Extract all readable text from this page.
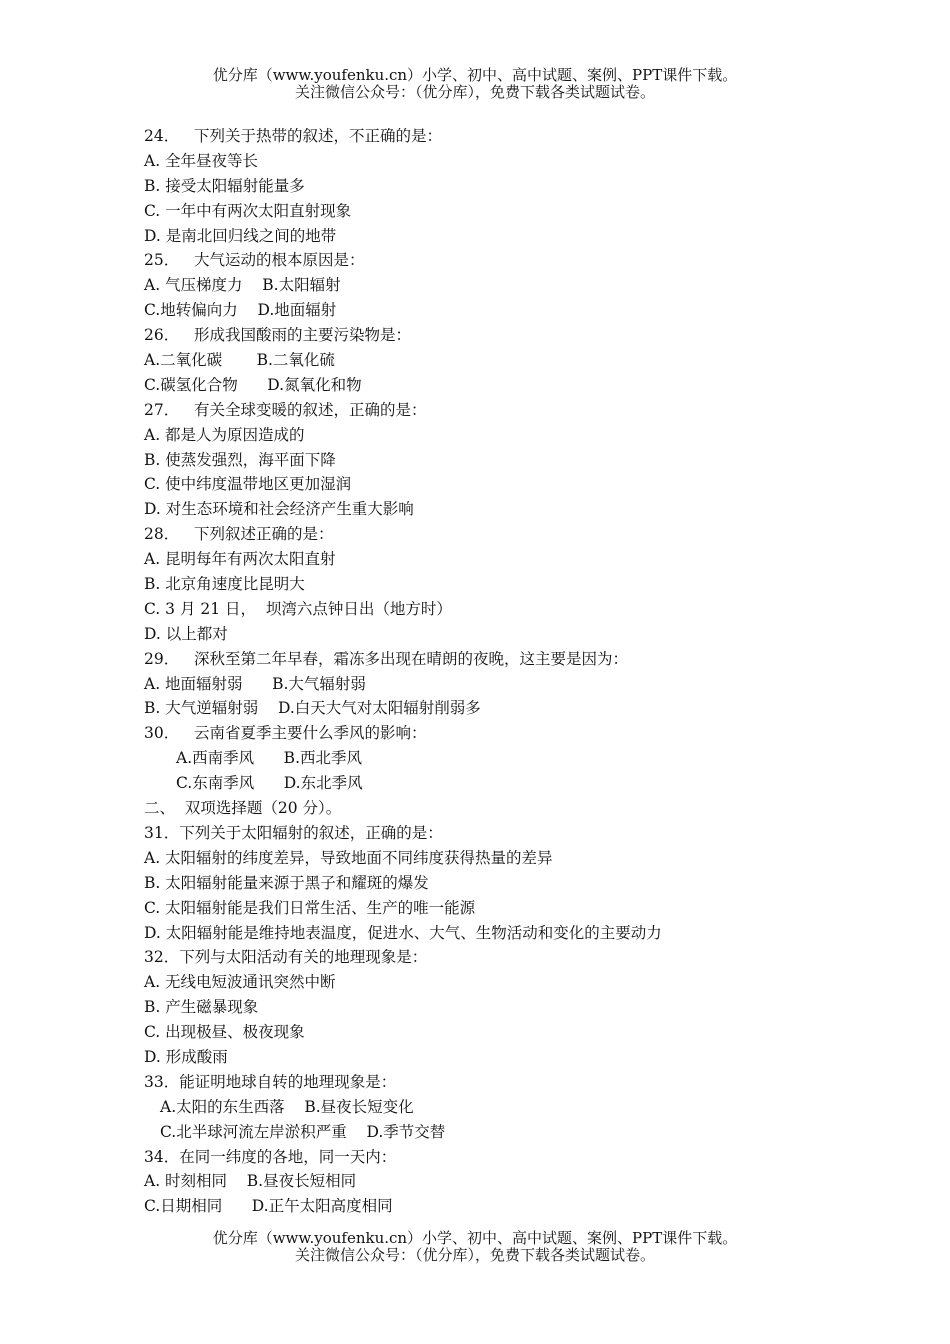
优分库（www.youfenku.cn）小学、初中、高中试题、案例、PPT课件下载。
关注微信公众号：（优分库），免费下载各类试题试卷。
24．   下列关于热带的叙述，不正确的是：
A. 全年昼夜等长
B. 接受太阳辐射能量多
C. 一年中有两次太阳直射现象
D. 是南北回归线之间的地带
25．   大气运动的根本原因是：
A. 气压梯度力    B.太阳辐射
C.地转偏向力    D.地面辐射
26．   形成我国酸雨的主要污染物是：
A.二氧化碳       B.二氧化硫
C.碳氢化合物      D.氮氧化和物
27．   有关全球变暖的叙述，正确的是：
A. 都是人为原因造成的
B. 使蒸发强烈，海平面下降
C. 使中纬度温带地区更加湿润
D. 对生态环境和社会经济产生重大影响
28．   下列叙述正确的是：
A. 昆明每年有两次太阳直射
B. 北京角速度比昆明大
C. 3 月 21 日，  坝湾六点钟日出（地方时）
D. 以上都对
29．   深秋至第二年早春，霜冻多出现在晴朗的夜晚，这主要是因为：
A. 地面辐射弱      B.大气辐射弱
B. 大气逆辐射弱    D.白天大气对太阳辐射削弱多
30．   云南省夏季主要什么季风的影响：
A.西南季风      B.西北季风
C.东南季风      D.东北季风
二、  双项选择题（20 分）。
31．下列关于太阳辐射的叙述，正确的是：
A. 太阳辐射的纬度差异，导致地面不同纬度获得热量的差异
B. 太阳辐射能量来源于黑子和耀斑的爆发
C. 太阳辐射能是我们日常生活、生产的唯一能源
D. 太阳辐射能是维持地表温度，促进水、大气、生物活动和变化的主要动力
32．下列与太阳活动有关的地理现象是：
A. 无线电短波通讯突然中断
B. 产生磁暴现象
C. 出现极昼、极夜现象
D. 形成酸雨
33．能证明地球自转的地理现象是：
A.太阳的东生西落    B.昼夜长短变化
C.北半球河流左岸淤积严重    D.季节交替
34．在同一纬度的各地，同一天内：
A. 时刻相同    B.昼夜长短相同
C.日期相同      D.正午太阳高度相同
优分库（www.youfenku.cn）小学、初中、高中试题、案例、PPT课件下载。
关注微信公众号：（优分库），免费下载各类试题试卷。
